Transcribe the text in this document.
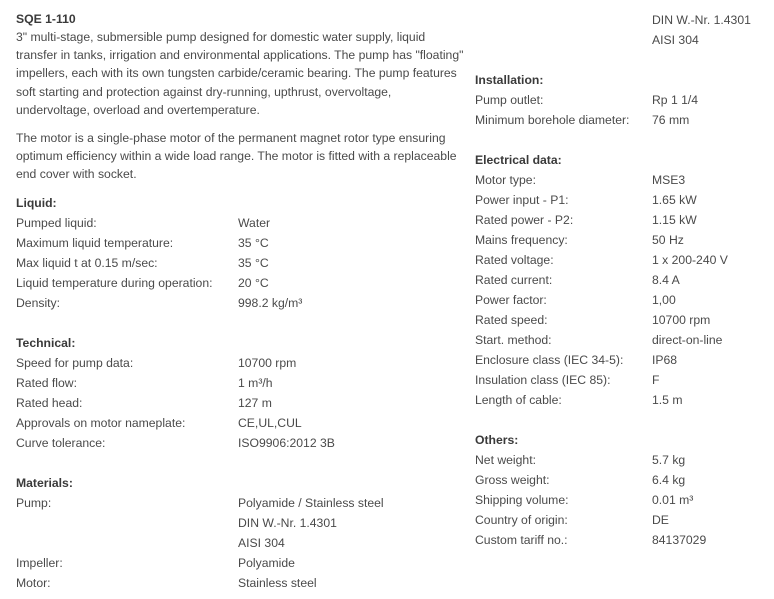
SQE 1-110

3" multi-stage, submersible pump designed for domestic water supply, liquid transfer in tanks, irrigation and environmental applications. The pump has "floating" impellers, each with its own tungsten carbide/ceramic bearing. The pump features soft starting and protection against dry-running, upthrust, overvoltage, undervoltage, overload and overtemperature.

The motor is a single-phase motor of the permanent magnet rotor type ensuring optimum efficiency within a wide load range. The motor is fitted with a replaceable end cover with socket.

Liquid:
Pumped liquid:	Water
Maximum liquid temperature:	35 °C
Max liquid t at 0.15 m/sec:	35 °C
Liquid temperature during operation: 20 °C
Density:	998.2 kg/m³
Technical:
Speed for pump data:	10700 rpm
Rated flow:	1 m³/h
Rated head:	127 m
Approvals on motor nameplate:	CE,UL,CUL
Curve tolerance:	ISO9906:2012 3B
Materials:
Pump:	Polyamide / Stainless steel
DIN W.-Nr. 1.4301
AISI 304
Impeller:	Polyamide
Motor:	Stainless steel
DIN W.-Nr. 1.4301
AISI 304
Installation:
Pump outlet:	Rp 1 1/4
Minimum borehole diameter: 76 mm
Electrical data:
Motor type:	MSE3
Power input - P1:	1.65 kW
Rated power - P2:	1.15 kW
Mains frequency:	50 Hz
Rated voltage:	1 x 200-240 V
Rated current:	8.4 A
Power factor:	1,00
Rated speed:	10700 rpm
Start. method:	direct-on-line
Enclosure class (IEC 34-5): IP68
Insulation class (IEC 85):	F
Length of cable:	1.5 m
Others:
Net weight:	5.7 kg
Gross weight:	6.4 kg
Shipping volume:	0.01 m³
Country of origin:	DE
Custom tariff no.:	84137029
